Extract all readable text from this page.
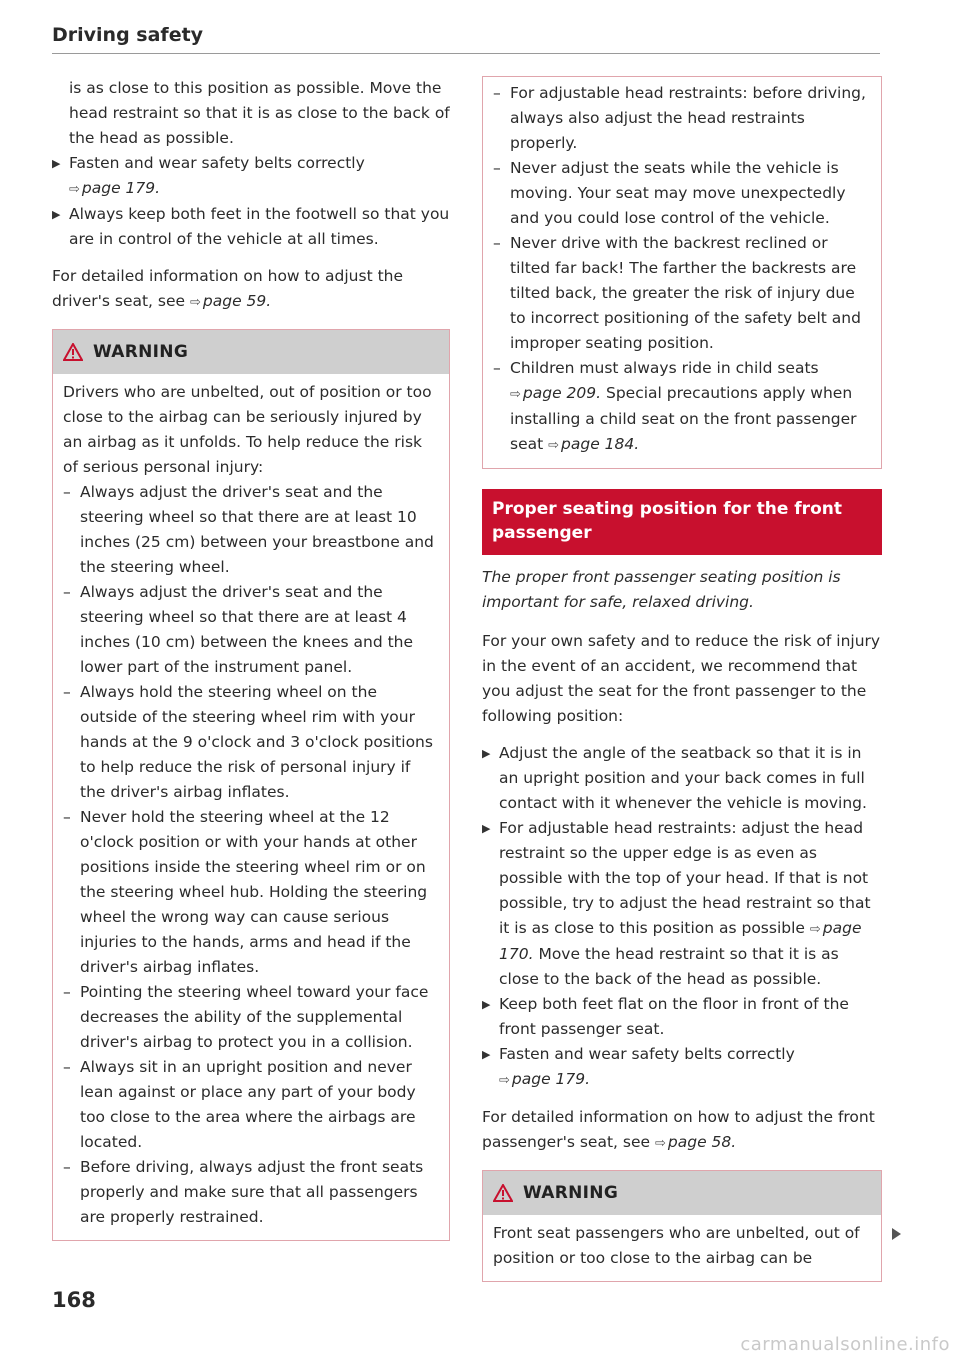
Driving safety

is as close to this position as possible. Move the head restraint so that it is as close to the back of the head as possible.

▶ Fasten and wear safety belts correctly
⇨ page 179.

▶ Always keep both feet in the footwell so that you are in control of the vehicle at all times.

For detailed information on how to adjust the driver's seat, see ⇨ page 59.

WARNING

Drivers who are unbelted, out of position or too close to the airbag can be seriously injured by an airbag as it unfolds. To help reduce the risk of serious personal injury:

– Always adjust the driver's seat and the steering wheel so that there are at least 10 inches (25 cm) between your breastbone and the steering wheel.

– Always adjust the driver's seat and the steering wheel so that there are at least 4 inches (10 cm) between the knees and the lower part of the instrument panel.

– Always hold the steering wheel on the outside of the steering wheel rim with your hands at the 9 o'clock and 3 o'clock positions to help reduce the risk of personal injury if the driver's airbag inflates.

– Never hold the steering wheel at the 12 o'clock position or with your hands at other positions inside the steering wheel rim or on the steering wheel hub. Holding the steering wheel the wrong way can cause serious injuries to the hands, arms and head if the driver's airbag inflates.

– Pointing the steering wheel toward your face decreases the ability of the supplemental driver's airbag to protect you in a collision.

– Always sit in an upright position and never lean against or place any part of your body too close to the area where the airbags are located.

– Before driving, always adjust the front seats properly and make sure that all passengers are properly restrained.

– For adjustable head restraints: before driving, always also adjust the head restraints properly.

– Never adjust the seats while the vehicle is moving. Your seat may move unexpectedly and you could lose control of the vehicle.

– Never drive with the backrest reclined or tilted far back! The farther the backrests are tilted back, the greater the risk of injury due to incorrect positioning of the safety belt and improper seating position.

– Children must always ride in child seats
⇨ page 209. Special precautions apply when installing a child seat on the front passenger seat ⇨ page 184.

Proper seating position for the front passenger

The proper front passenger seating position is important for safe, relaxed driving.

For your own safety and to reduce the risk of injury in the event of an accident, we recommend that you adjust the seat for the front passenger to the following position:

▶ Adjust the angle of the seatback so that it is in an upright position and your back comes in full contact with it whenever the vehicle is moving.

▶ For adjustable head restraints: adjust the head restraint so the upper edge is as even as possible with the top of your head. If that is not possible, try to adjust the head restraint so that it is as close to this position as possible ⇨ page 170. Move the head restraint so that it is as close to the back of the head as possible.

▶ Keep both feet flat on the floor in front of the front passenger seat.

▶ Fasten and wear safety belts correctly
⇨ page 179.

For detailed information on how to adjust the front passenger's seat, see ⇨ page 58.

WARNING

Front seat passengers who are unbelted, out of position or too close to the airbag can be

168
carmanualsonline.info
